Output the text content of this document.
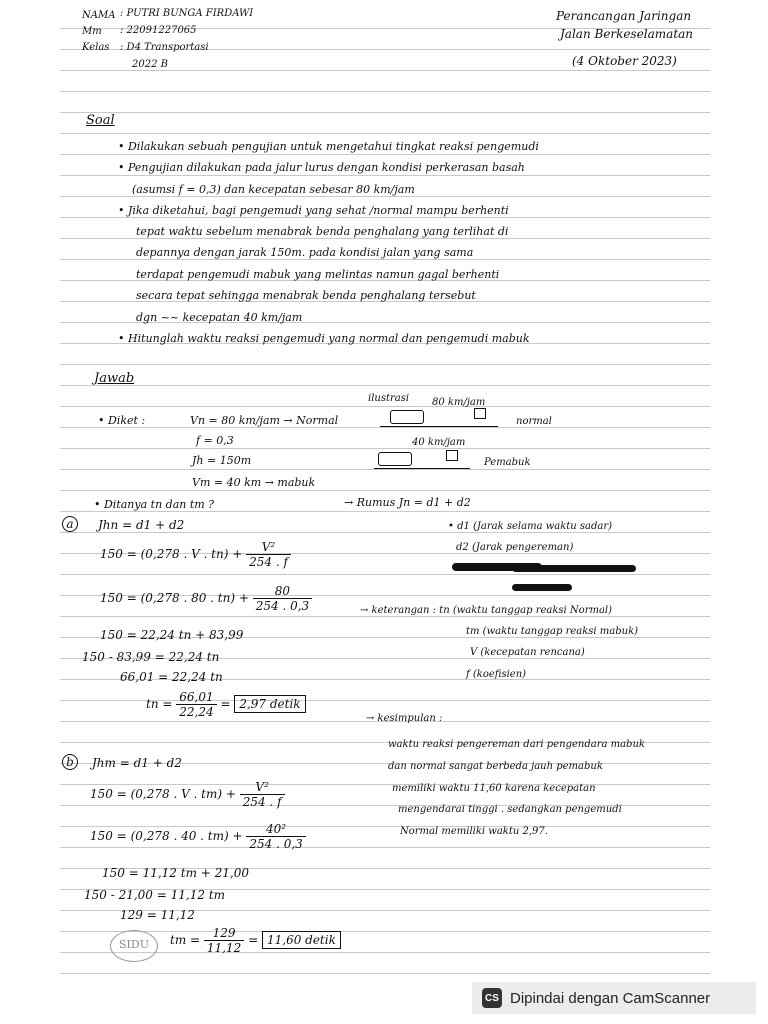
NAMA : PUTRI BUNGA FIRDAWI
Mm : 22091227065
Kelas : D4 Transportasi
2022 B
Perancangan Jaringan
Jalan Berkeselamatan
(4 Oktober 2023)
Soal
• Dilakukan sebuah pengujian untuk mengetahui tingkat reaksi pengemudi
• Pengujian dilakukan pada jalur lurus dengan kondisi perkerasan basah
(asumsi f = 0,3) dan kecepatan sebesar 80 km/jam
• Jika diketahui, bagi pengemudi yang sehat /normal mampu berhenti
tepat waktu sebelum menabrak benda penghalang yang terlihat di
depannya dengan jarak 150m. pada kondisi jalan yang sama
terdapat pengemudi mabuk yang melintas namun gagal berhenti
secara tepat sehingga menabrak benda penghalang tersebut
dgn ~~ kecepatan 40 km/jam
• Hitunglah waktu reaksi pengemudi yang normal dan pengemudi mabuk
Jawab
ilustrasi 80 km/jam
normal
40 km/jam
Pemabuk
• Diket :	Vn = 80 km/jam → Normal
f = 0,3
Jh = 150m
Vm = 40 km → mabuk
• Ditanya tn dan tm ?	→ Rumus Jn = d1 + d2
• d1 (Jarak selama waktu sadar)
d2 (Jarak pengereman)
→ keterangan : tn (waktu tanggap reaksi Normal)
tm (waktu tanggap reaksi mabuk)
V (kecepatan rencana)
f (koefisien)
→ kesimpulan :
waktu reaksi pengereman dari pengendara mabuk
dan normal sangat berbeda jauh pemabuk
memiliki waktu 11,60 karena kecepatan
mengendarai tinggi . sedangkan pengemudi
Normal memiliki waktu 2,97.
a	Jhn = d1 + d2
150 = (0,278 . V . $tn) + \frac{\text{V²}}{254 . f}$
150 = (0,278 . 80 . $tn) + \frac{80}{254 . 0,3}$
150 = 22,24 tn + 83,99
150 - 83,99 = 22,24 tn
66,01 = 22,24 tn
tn = $\frac{66,01}{22,24} = 2,97$ detik
b	Jhm = d1 + d2
150 = (0,278 . V . $tm) + \frac{\text{V²}}{254 . f}$
150 = (0,278 . 40 . $tm) + \frac{\text{40²}}{254 . 0,3}$
150 = 11,12 tm + 21,00
150 - 21,00 = 11,12 tm
129 = 11,12
tm = $\frac{129}{11,12} = 11,60$ detik
SIDU
CS Dipindai dengan CamScanner
